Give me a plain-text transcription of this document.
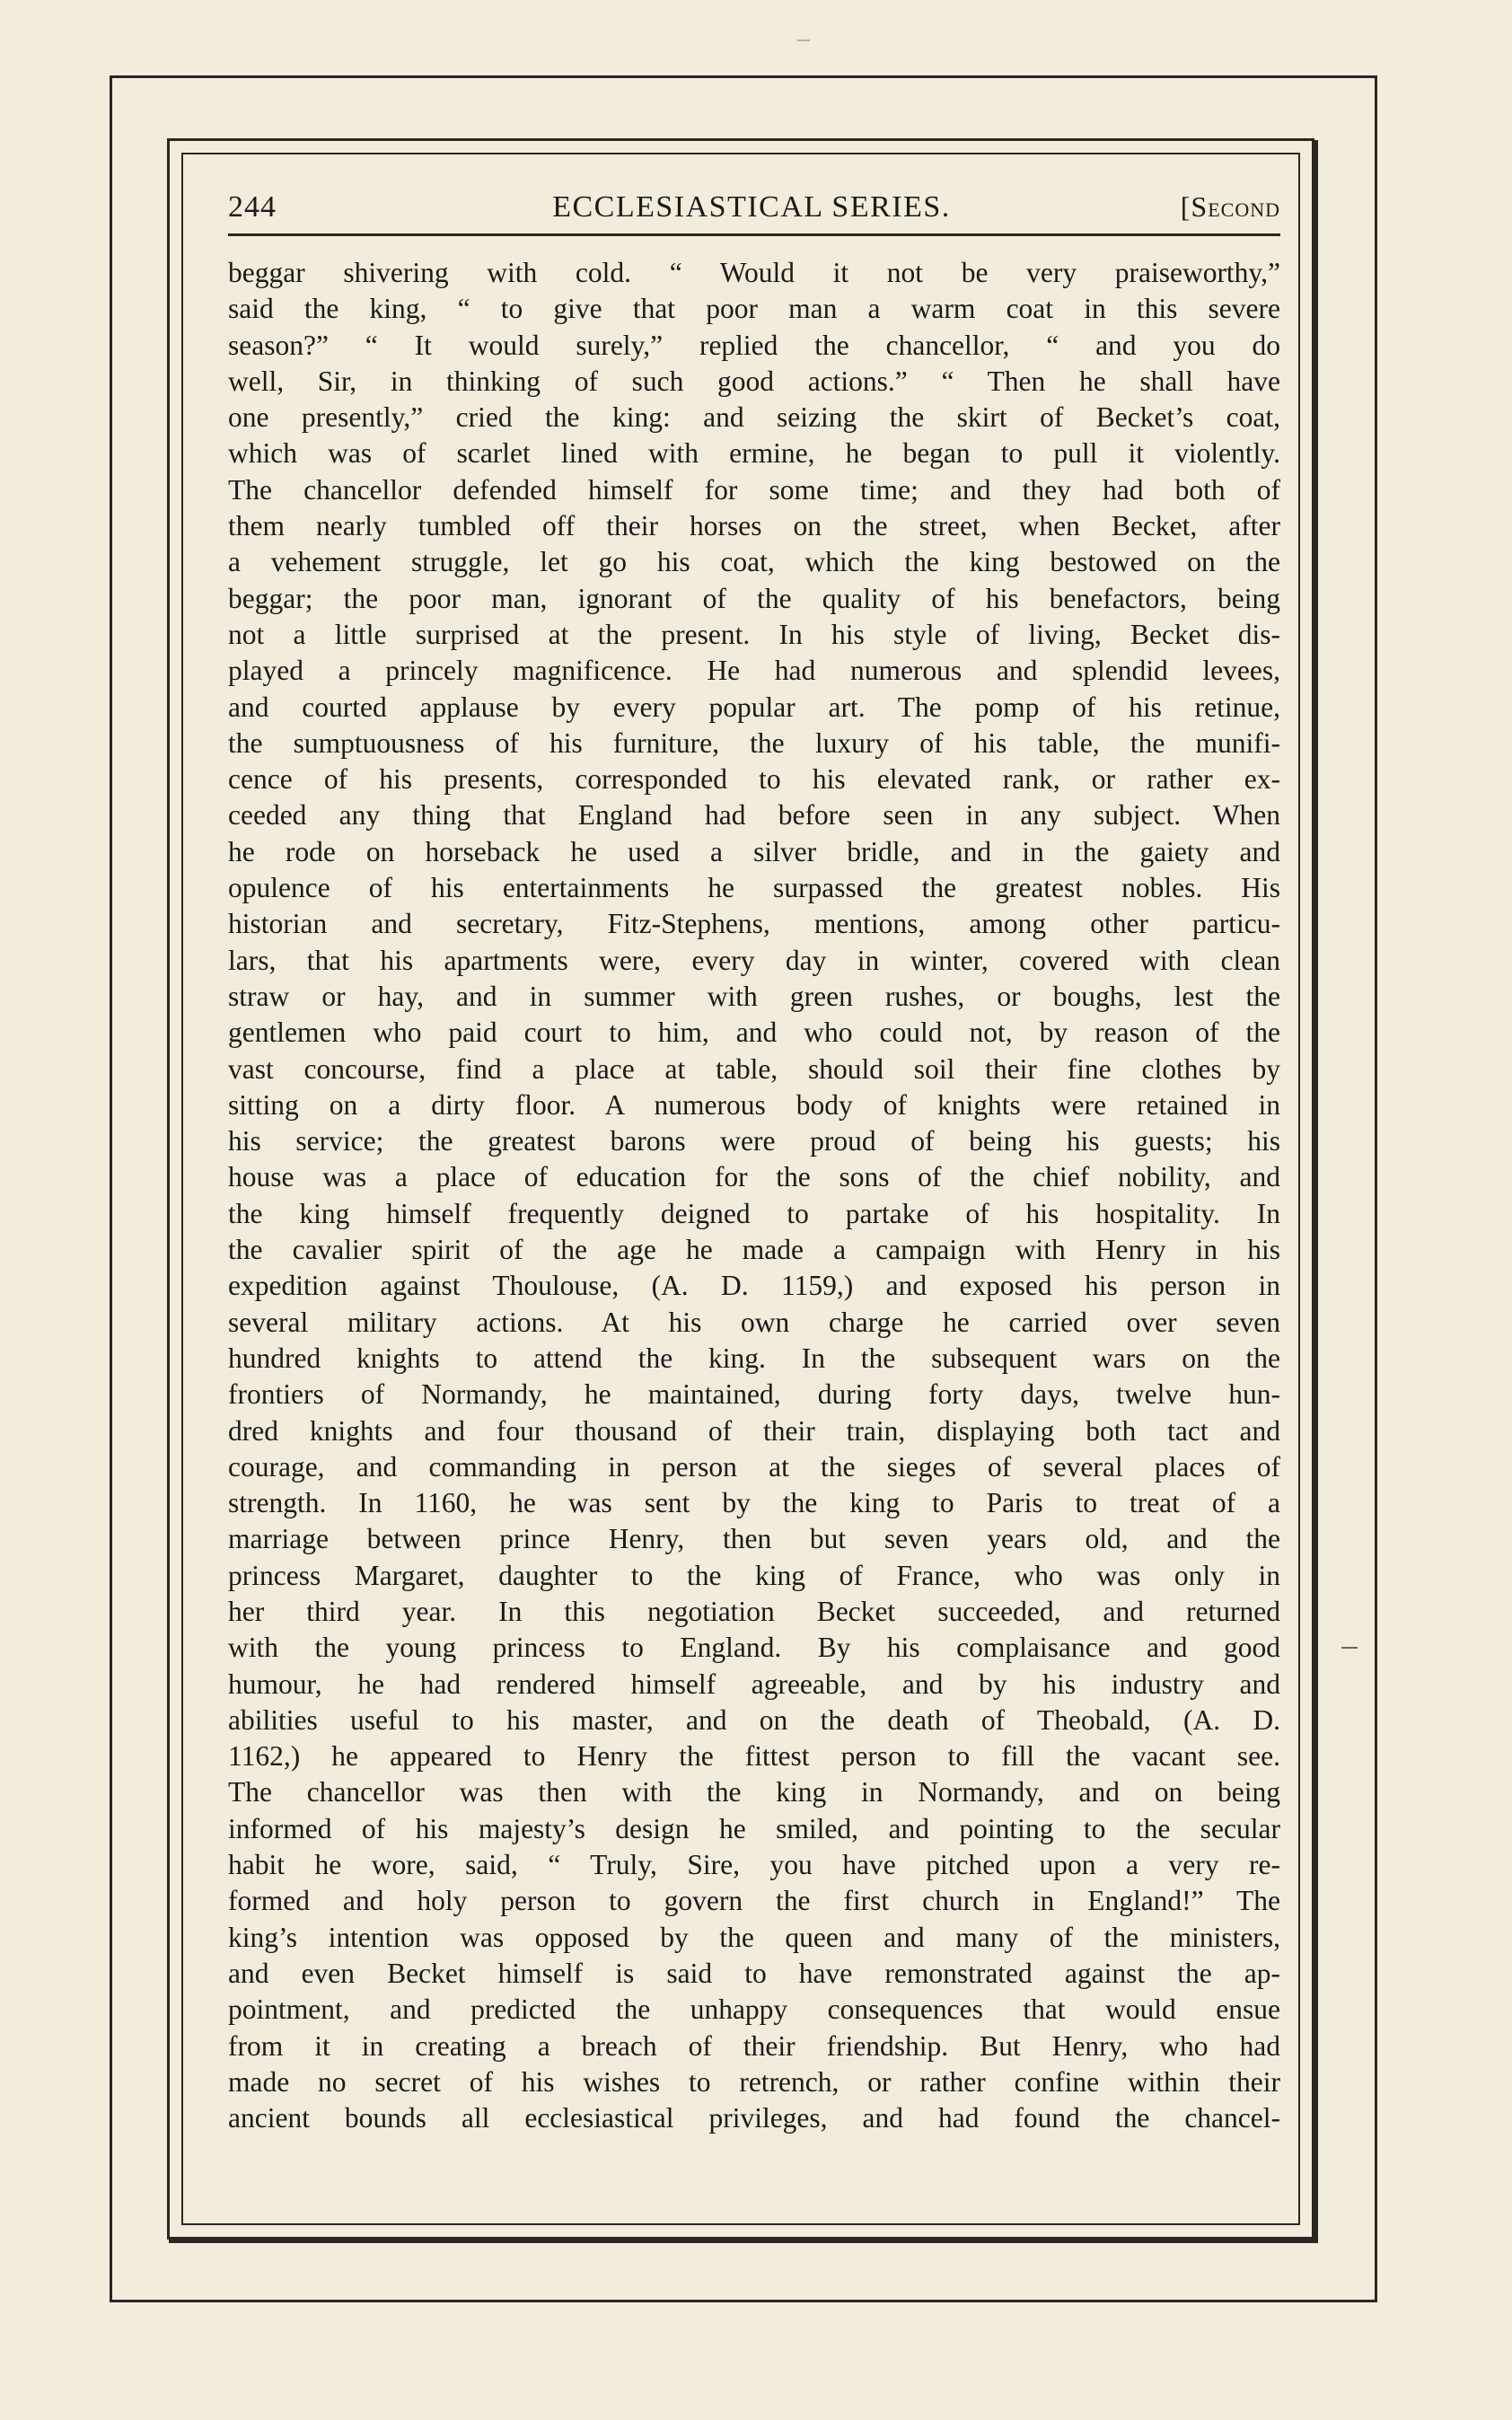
244	ECCLESIASTICAL SERIES.	[Second
beggar shivering with cold. “ Would it not be very praiseworthy,”
said the king, “ to give that poor man a warm coat in this severe
season?” “ It would surely,” replied the chancellor, “ and you do
well, Sir, in thinking of such good actions.” “ Then he shall have
one presently,” cried the king: and seizing the skirt of Becket’s coat,
which was of scarlet lined with ermine, he began to pull it violently.
The chancellor defended himself for some time; and they had both of
them nearly tumbled off their horses on the street, when Becket, after
a vehement struggle, let go his coat, which the king bestowed on the
beggar; the poor man, ignorant of the quality of his benefactors, being
not a little surprised at the present. In his style of living, Becket dis-
played a princely magnificence. He had numerous and splendid levees,
and courted applause by every popular art. The pomp of his retinue,
the sumptuousness of his furniture, the luxury of his table, the munifi-
cence of his presents, corresponded to his elevated rank, or rather ex-
ceeded any thing that England had before seen in any subject. When
he rode on horseback he used a silver bridle, and in the gaiety and
opulence of his entertainments he surpassed the greatest nobles. His
historian and secretary, Fitz-Stephens, mentions, among other particu-
lars, that his apartments were, every day in winter, covered with clean
straw or hay, and in summer with green rushes, or boughs, lest the
gentlemen who paid court to him, and who could not, by reason of the
vast concourse, find a place at table, should soil their fine clothes by
sitting on a dirty floor. A numerous body of knights were retained in
his service; the greatest barons were proud of being his guests; his
house was a place of education for the sons of the chief nobility, and
the king himself frequently deigned to partake of his hospitality. In
the cavalier spirit of the age he made a campaign with Henry in his
expedition against Thoulouse, (A. D. 1159,) and exposed his person in
several military actions. At his own charge he carried over seven
hundred knights to attend the king. In the subsequent wars on the
frontiers of Normandy, he maintained, during forty days, twelve hun-
dred knights and four thousand of their train, displaying both tact and
courage, and commanding in person at the sieges of several places of
strength. In 1160, he was sent by the king to Paris to treat of a
marriage between prince Henry, then but seven years old, and the
princess Margaret, daughter to the king of France, who was only in
her third year. In this negotiation Becket succeeded, and returned
with the young princess to England. By his complaisance and good
humour, he had rendered himself agreeable, and by his industry and
abilities useful to his master, and on the death of Theobald, (A. D.
1162,) he appeared to Henry the fittest person to fill the vacant see.
The chancellor was then with the king in Normandy, and on being
informed of his majesty’s design he smiled, and pointing to the secular
habit he wore, said, “ Truly, Sire, you have pitched upon a very re-
formed and holy person to govern the first church in England!” The
king’s intention was opposed by the queen and many of the ministers,
and even Becket himself is said to have remonstrated against the ap-
pointment, and predicted the unhappy consequences that would ensue
from it in creating a breach of their friendship. But Henry, who had
made no secret of his wishes to retrench, or rather confine within their
ancient bounds all ecclesiastical privileges, and had found the chancel-
